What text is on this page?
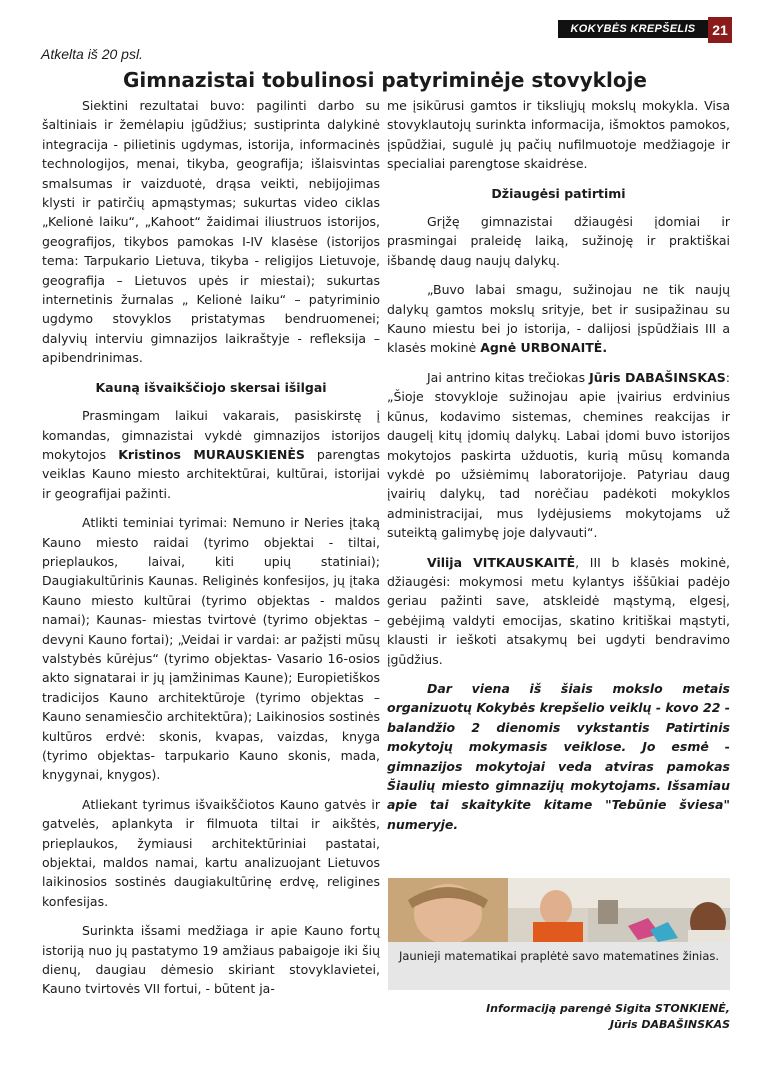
KOKYBĖS KREPŠELIS	21
Atkelta iš 20 psl.
Gimnazistai tobulinosi patyriminėje stovykloje

Siektini rezultatai buvo: pagilinti darbo su šaltiniais ir žemėlapiu įgūdžius; sustiprinta dalykinė integracija - pilietinis ugdymas, istorija, informacinės technologijos, menai, tikyba, geografija; išlaisvintas smalsumas ir vaizduotė, drąsa veikti, nebijojimas klysti ir patirčių apmąstymas; sukurtas video ciklas „Kelionė laiku“, „Kahoot“ žaidimai iliustruos istorijos, geografijos, tikybos pamokas I-IV klasėse (istorijos tema: Tarpukario Lietuva, tikyba - religijos Lietuvoje, geografija – Lietuvos upės ir miestai); sukurtas internetinis žurnalas „ Kelionė laiku“ – patyriminio ugdymo stovyklos pristatymas bendruomenei; dalyvių interviu gimnazijos laikraštyje - refleksija – apibendrinimas.

Kauną išvaikščiojo skersai išilgai

Prasmingam laikui vakarais, pasiskirstę į komandas, gimnazistai vykdė gimnazijos istorijos mokytojos Kristinos MURAUSKIENĖS parengtas veiklas Kauno miesto architektūrai, kultūrai, istorijai ir geografijai pažinti.

Atlikti teminiai tyrimai: Nemuno ir Neries įtaką Kauno miesto raidai (tyrimo objektai - tiltai, prieplaukos, laivai, kiti upių statiniai); Daugiakultūrinis Kaunas. Religinės konfesijos, jų įtaka Kauno miesto kultūrai (tyrimo objektas - maldos namai); Kaunas- miestas tvirtovė (tyrimo objektas – devyni Kauno fortai); „Veidai ir vardai: ar pažįsti mūsų valstybės kūrėjus“ (tyrimo objektas- Vasario 16-osios akto signatarai ir jų įamžinimas Kaune); Europietiškos tradicijos Kauno architektūroje (tyrimo objektas – Kauno senamiesčio architektūra); Laikinosios sostinės kultūros erdvė: skonis, kvapas, vaizdas, knyga (tyrimo objektas- tarpukario Kauno skonis, mada, knygynai, knygos).

Atliekant tyrimus išvaikščiotos Kauno gatvės ir gatvelės, aplankyta ir filmuota tiltai ir aikštės, prieplaukos, žymiausi architektūriniai pastatai, objektai, maldos namai, kartu analizuojant Lietuvos laikinosios sostinės daugiakultūrinę erdvę, religines konfesijas.

Surinkta išsami medžiaga ir apie Kauno fortų istoriją nuo jų pastatymo 19 amžiaus pabaigoje iki šių dienų, daugiau dėmesio skiriant stovyklavietei, Kauno tvirtovės VII fortui, - būtent ja-

me įsikūrusi gamtos ir tiksliųjų mokslų mokykla. Visa stovyklautojų surinkta informacija, išmoktos pamokos, įspūdžiai, sugulė jų pačių nufilmuotoje medžiagoje ir specialiai parengtose skaidrėse.

Džiaugėsi patirtimi

Grįžę gimnazistai džiaugėsi įdomiai ir prasmingai praleidę laiką, sužinoję ir praktiškai išbandę daug naujų dalykų.

„Buvo labai smagu, sužinojau ne tik naujų dalykų gamtos mokslų srityje, bet ir susipažinau su Kauno miestu bei jo istorija, - dalijosi įspūdžiais III a klasės mokinė Agnė URBONAITĖ.

Jai antrino kitas trečiokas Jūris DABAŠINSKAS: „Šioje stovykloje sužinojau apie įvairius erdvinius kūnus, kodavimo sistemas, chemines reakcijas ir daugelį kitų įdomių dalykų. Labai įdomi buvo istorijos mokytojos paskirta užduotis, kurią mūsų komanda vykdė po užsiėmimų laboratorijoje. Patyriau daug įvairių dalykų, tad norėčiau padėkoti mokyklos administracijai, mus lydėjusiems mokytojams už suteiktą galimybę joje dalyvauti“.

Vilija VITKAUSKAITĖ, III b klasės mokinė, džiaugėsi: mokymosi metu kylantys iššūkiai padėjo geriau pažinti save, atskleidė mąstymą, elgesį, gebėjimą valdyti emocijas, skatino kritiškai mąstyti, klausti ir ieškoti atsakymų bei ugdyti bendravimo įgūdžius.

Dar viena iš šiais mokslo metais organizuotų Kokybės krepšelio veiklų - kovo 22 - balandžio 2 dienomis vykstantis Patirtinis mokytojų mokymasis veiklose. Jo esmė - gimnazijos mokytojai veda atviras pamokas Šiaulių miesto gimnazijų mokytojams. Išsamiau apie tai skaitykite kitame "Tebūnie šviesa" numeryje.

Jaunieji matematikai praplėtė savo matematines žinias.
Informaciją parengė Sigita STONKIENĖ,
Jūris DABAŠINSKAS
